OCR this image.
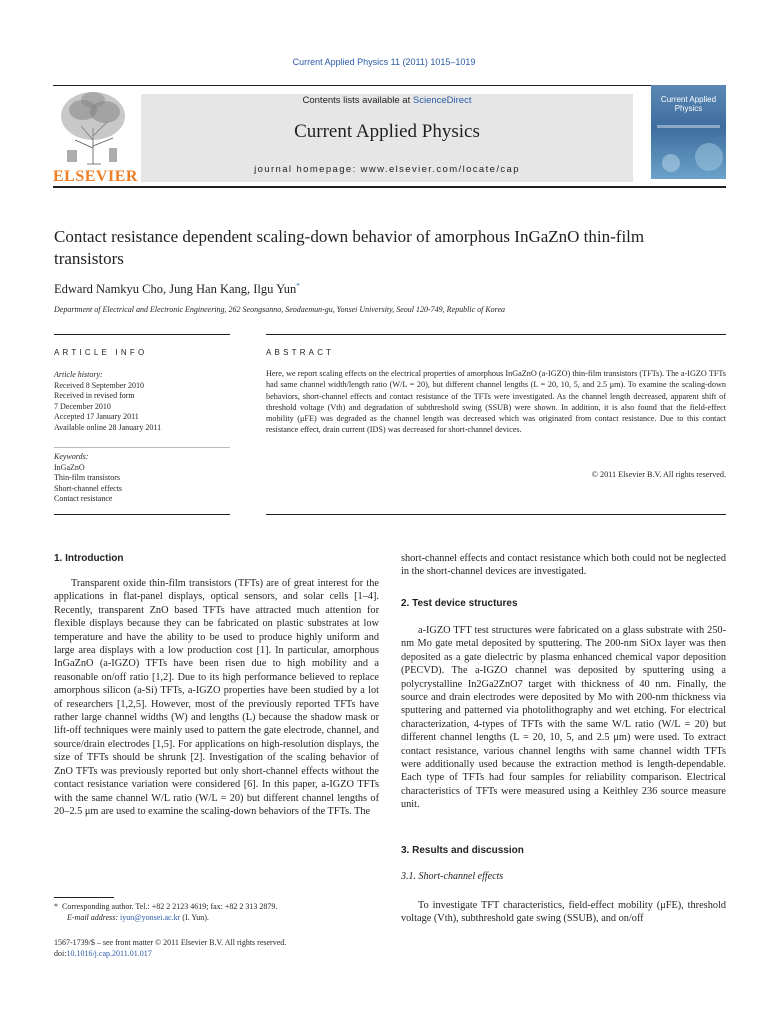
Current Applied Physics 11 (2011) 1015–1019
ELSEVIER
Contents lists available at ScienceDirect
Current Applied Physics
journal homepage: www.elsevier.com/locate/cap
Current Applied Physics
Contact resistance dependent scaling-down behavior of amorphous InGaZnO thin-film transistors
Edward Namkyu Cho, Jung Han Kang, Ilgu Yun*
Department of Electrical and Electronic Engineering, 262 Seongsanno, Seodaemun-gu, Yonsei University, Seoul 120-749, Republic of Korea
ARTICLE INFO	ABSTRACT
Article history:
Received 8 September 2010
Received in revised form
7 December 2010
Accepted 17 January 2011
Available online 28 January 2011
Keywords:
InGaZnO
Thin-film transistors
Short-channel effects
Contact resistance
Here, we report scaling effects on the electrical properties of amorphous InGaZnO (a-IGZO) thin-film transistors (TFTs). The a-IGZO TFTs had same channel width/length ratio (W/L = 20), but different channel lengths (L = 20, 10, 5, and 2.5 μm). To examine the scaling-down behaviors, short-channel effects and contact resistance of the TFTs were investigated. As the channel length decreased, apparent shift of threshold voltage (Vth) and degradation of subthreshold swing (SSUB) were shown. In addition, it is also found that the field-effect mobility (μFE) was degraded as the channel length was decreased which was originated from contact resistance. Due to this contact resistance effect, drain current (IDS) was decreased for short-channel devices.
© 2011 Elsevier B.V. All rights reserved.
1. Introduction

Transparent oxide thin-film transistors (TFTs) are of great interest for the applications in flat-panel displays, optical sensors, and solar cells [1–4]. Recently, transparent ZnO based TFTs have attracted much attention for flexible displays because they can be fabricated on plastic substrates at low temperature and have the ability to be used to produce highly uniform and large area displays with a low production cost [1]. In particular, amorphous InGaZnO (a-IGZO) TFTs have been risen due to high mobility and a reasonable on/off ratio [1,2]. Due to its high performance believed to replace amorphous silicon (a-Si) TFTs, a-IGZO properties have been studied by a lot of researchers [1,2,5]. However, most of the previously reported TFTs have rather large channel widths (W) and lengths (L) because the shadow mask or lift-off techniques were mainly used to pattern the gate electrode, channel, and source/drain electrodes [1,5]. For applications on high-resolution displays, the size of TFTs should be shrunk [2]. Investigation of the scaling behavior of ZnO TFTs was previously reported but only short-channel effects without the contact resistance variation were considered [6]. In this paper, a-IGZO TFTs with the same channel W/L ratio (W/L = 20) but different channel lengths of 20–2.5 μm are used to examine the scaling-down behaviors of the TFTs. The

short-channel effects and contact resistance which both could not be neglected in the short-channel devices are investigated.

2. Test device structures

a-IGZO TFT test structures were fabricated on a glass substrate with 250-nm Mo gate metal deposited by sputtering. The 200-nm SiOx layer was then deposited as a gate dielectric by plasma enhanced chemical vapor deposition (PECVD). The a-IGZO channel was deposited by sputtering using a polycrystalline In2Ga2ZnO7 target with thickness of 40 nm. Finally, the source and drain electrodes were deposited by Mo with 200-nm thickness via sputtering and patterned via photolithography and wet etching. For electrical characterization, 4-types of TFTs with the same W/L ratio (W/L = 20) but different channel lengths (L = 20, 10, 5, and 2.5 μm) were used. To extract contact resistance, various channel lengths with same channel width TFTs were additionally used because the extraction method is length-dependable. Each type of TFTs had four samples for reliability comparison. Electrical characteristics of TFTs were measured using a Keithley 236 source measure unit.

3. Results and discussion
3.1. Short-channel effects

To investigate TFT characteristics, field-effect mobility (μFE), threshold voltage (Vth), subthreshold gate swing (SSUB), and on/off

* Corresponding author. Tel.: +82 2 2123 4619; fax: +82 2 313 2879.
E-mail address: iyun@yonsei.ac.kr (I. Yun).
1567-1739/$ – see front matter © 2011 Elsevier B.V. All rights reserved.
doi:10.1016/j.cap.2011.01.017
